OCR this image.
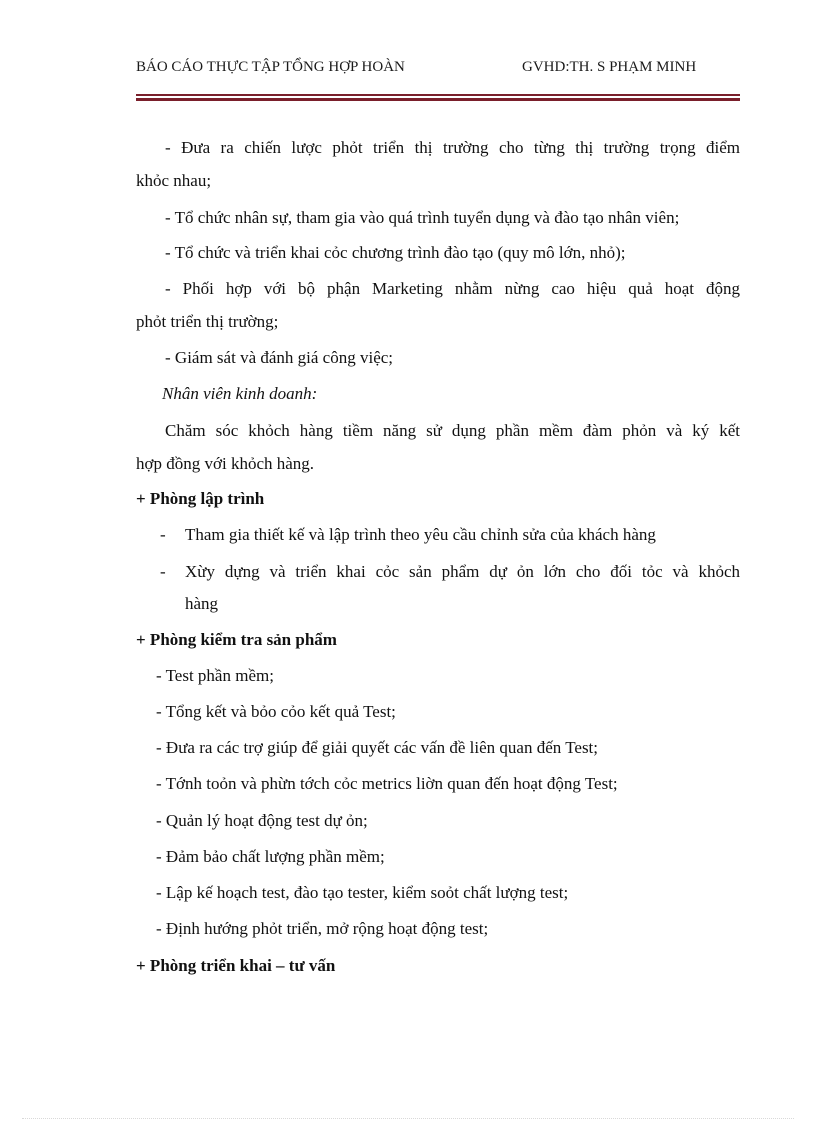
BÁO CÁO THỰC TẬP TỔNG HỢP HOÀN	GVHD:TH. S PHẠM MINH
- Đưa ra chiến lược phỏt triển thị trường cho từng thị trường trọng điểm
khỏc nhau;
- Tổ chức nhân sự, tham gia vào quá trình tuyển dụng và đào tạo nhân viên;
- Tổ chức và triển khai cỏc chương trình đào tạo (quy mô lớn, nhỏ);
- Phối hợp với bộ phận Marketing nhằm nừng cao hiệu quả hoạt động
phỏt triển thị trường;
- Giám sát và đánh giá công việc;
Nhân viên kinh doanh:
Chăm sóc khỏch hàng tiềm năng sử dụng phần mềm đàm phỏn và ký kết
hợp đồng với khỏch hàng.
+ Phòng lập trình
- Tham gia thiết kế và lập trình theo yêu cầu chỉnh sửa của khách hàng
- Xừy dựng và triển khai cỏc sản phẩm dự ỏn lớn cho đối tỏc và khỏch
hàng
+ Phòng kiểm tra sản phẩm
- Test phần mềm;
- Tổng kết và bỏo cỏo kết quả Test;
- Đưa ra các trợ giúp để giải quyết các vấn đề liên quan đến Test;
- Tớnh toỏn và phừn tớch cỏc metrics liờn quan đến hoạt động Test;
- Quản lý hoạt động test dự ỏn;
- Đảm bảo chất lượng phần mềm;
- Lập kế hoạch test, đào tạo tester, kiểm soỏt chất lượng test;
- Định hướng phỏt triển, mở rộng hoạt động test;
+ Phòng triển khai – tư vấn
